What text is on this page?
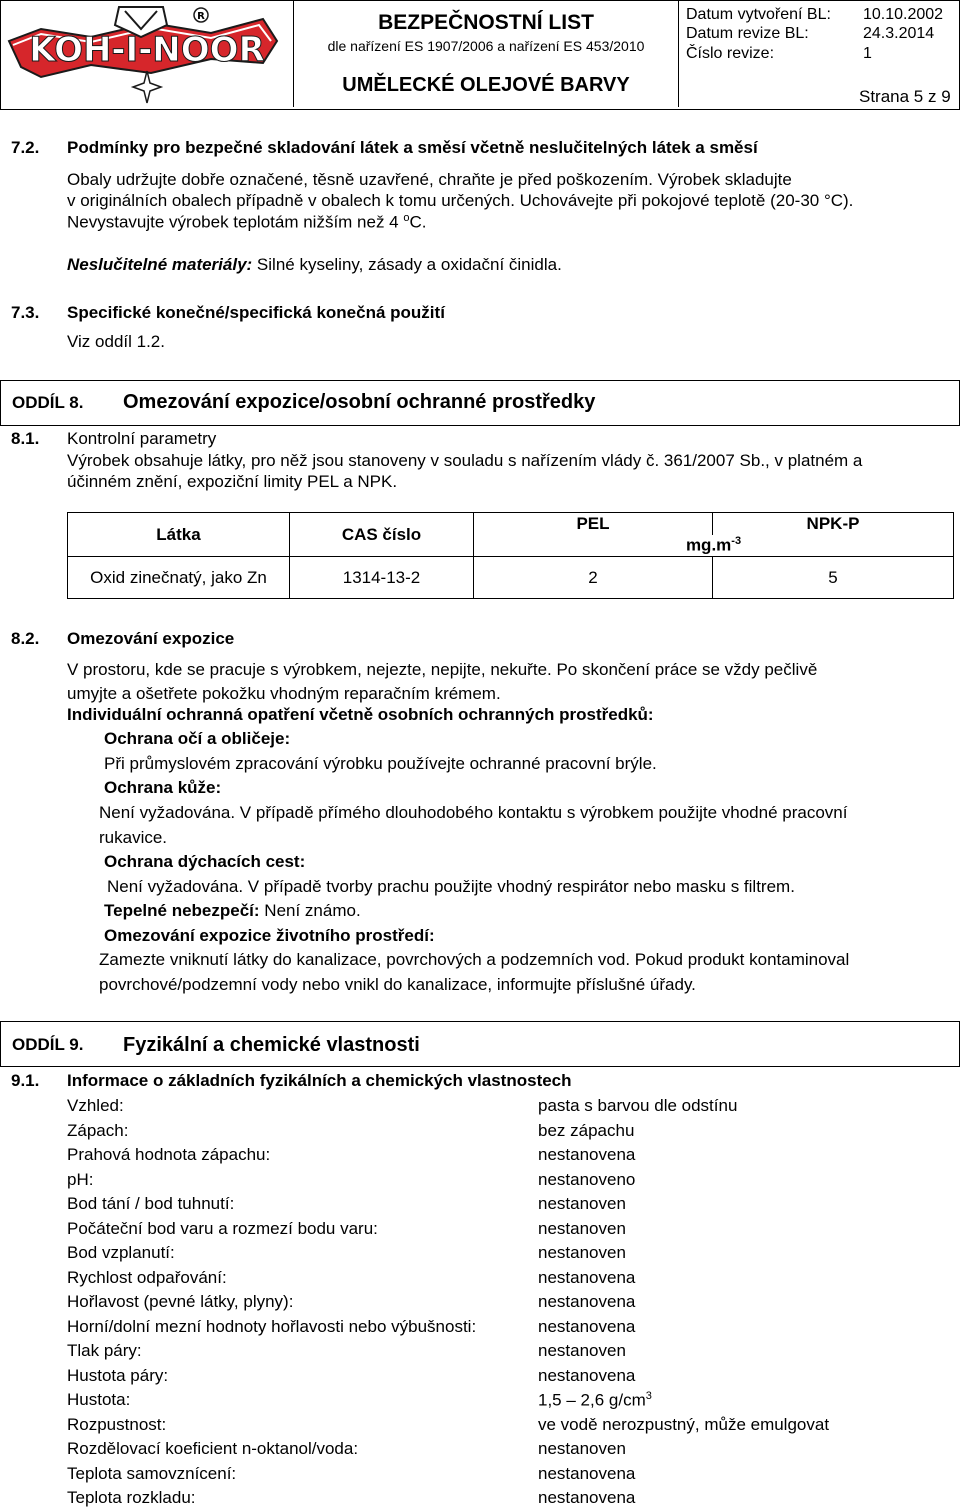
R
KOH-I-NOOR
BEZPEČNOSTNÍ LIST
dle nařízení ES 1907/2006 a nařízení ES 453/2010
UMĚLECKÉ OLEJOVÉ BARVY
Datum vytvoření BL: 10.10.2002
Datum revize BL:	24.3.2014
Číslo revize:	1
Strana 5 z 9
7.2. Podmínky pro bezpečné skladování látek a směsí včetně neslučitelných látek a směsí
Obaly udržujte dobře označené, těsně uzavřené, chraňte je před poškozením. Výrobek skladujte
v originálních obalech případně v obalech k tomu určených. Uchovávejte při pokojové teplotě (20-30 °C).
Nevystavujte výrobek teplotám nižším než 4 $^o$C.
Neslučitelné materiály: Silné kyseliny, zásady a oxidační činidla.
7.3. Specifické konečné/specifická konečná použití
Viz oddíl 1.2.
ODDÍL 8. Omezování expozice/osobní ochranné prostředky
8.1. Kontrolní parametry
Výrobek obsahuje látky, pro něž jsou stanoveny v souladu s nařízením vlády č. 361/2007 Sb., v platném a
účinném znění, expoziční limity PEL a NPK.
Látka	CAS číslo	PEL	NPK-P
		$mg.m^{-3}$
Oxid zinečnatý, jako Zn	1314-13-2	2	5
8.2. Omezování expozice
V prostoru, kde se pracuje s výrobkem, nejezte, nepijte, nekuřte. Po skončení práce se vždy pečlivě
umyjte a ošetřete pokožku vhodným reparačním krémem.
Individuální ochranná opatření včetně osobních ochranných prostředků:
Ochrana očí a obličeje:
Při průmyslovém zpracování výrobku používejte ochranné pracovní brýle.
Ochrana kůže:
Není vyžadována. V případě přímého dlouhodobého kontaktu s výrobkem použijte vhodné pracovní
rukavice.
Ochrana dýchacích cest:
Není vyžadována. V případě tvorby prachu použijte vhodný respirátor nebo masku s filtrem.
Tepelné nebezpečí: Není známo.
Omezování expozice životního prostředí:
Zamezte vniknutí látky do kanalizace, povrchových a podzemních vod. Pokud produkt kontaminoval
povrchové/podzemní vody nebo vnikl do kanalizace, informujte příslušné úřady.
ODDÍL 9. Fyzikální a chemické vlastnosti
9.1. Informace o základních fyzikálních a chemických vlastnostech
Vzhled:	pasta s barvou dle odstínu
Zápach:	bez zápachu
Prahová hodnota zápachu:	nestanovena
pH:	nestanoveno
Bod tání / bod tuhnutí:	nestanoven
Počáteční bod varu a rozmezí bodu varu:	nestanoven
Bod vzplanutí:	nestanoven
Rychlost odpařování:	nestanovena
Hořlavost (pevné látky, plyny):	nestanovena
Horní/dolní mezní hodnoty hořlavosti nebo výbušnosti:	nestanovena
Tlak páry:	nestanoven
Hustota páry:	nestanovena
Hustota:	1,5 – 2,6 $g/cm^3$
Rozpustnost:	ve vodě nerozpustný, může emulgovat
Rozdělovací koeficient n-oktanol/voda:	nestanoven
Teplota samovznícení:	nestanovena
Teplota rozkladu:	nestanovena
